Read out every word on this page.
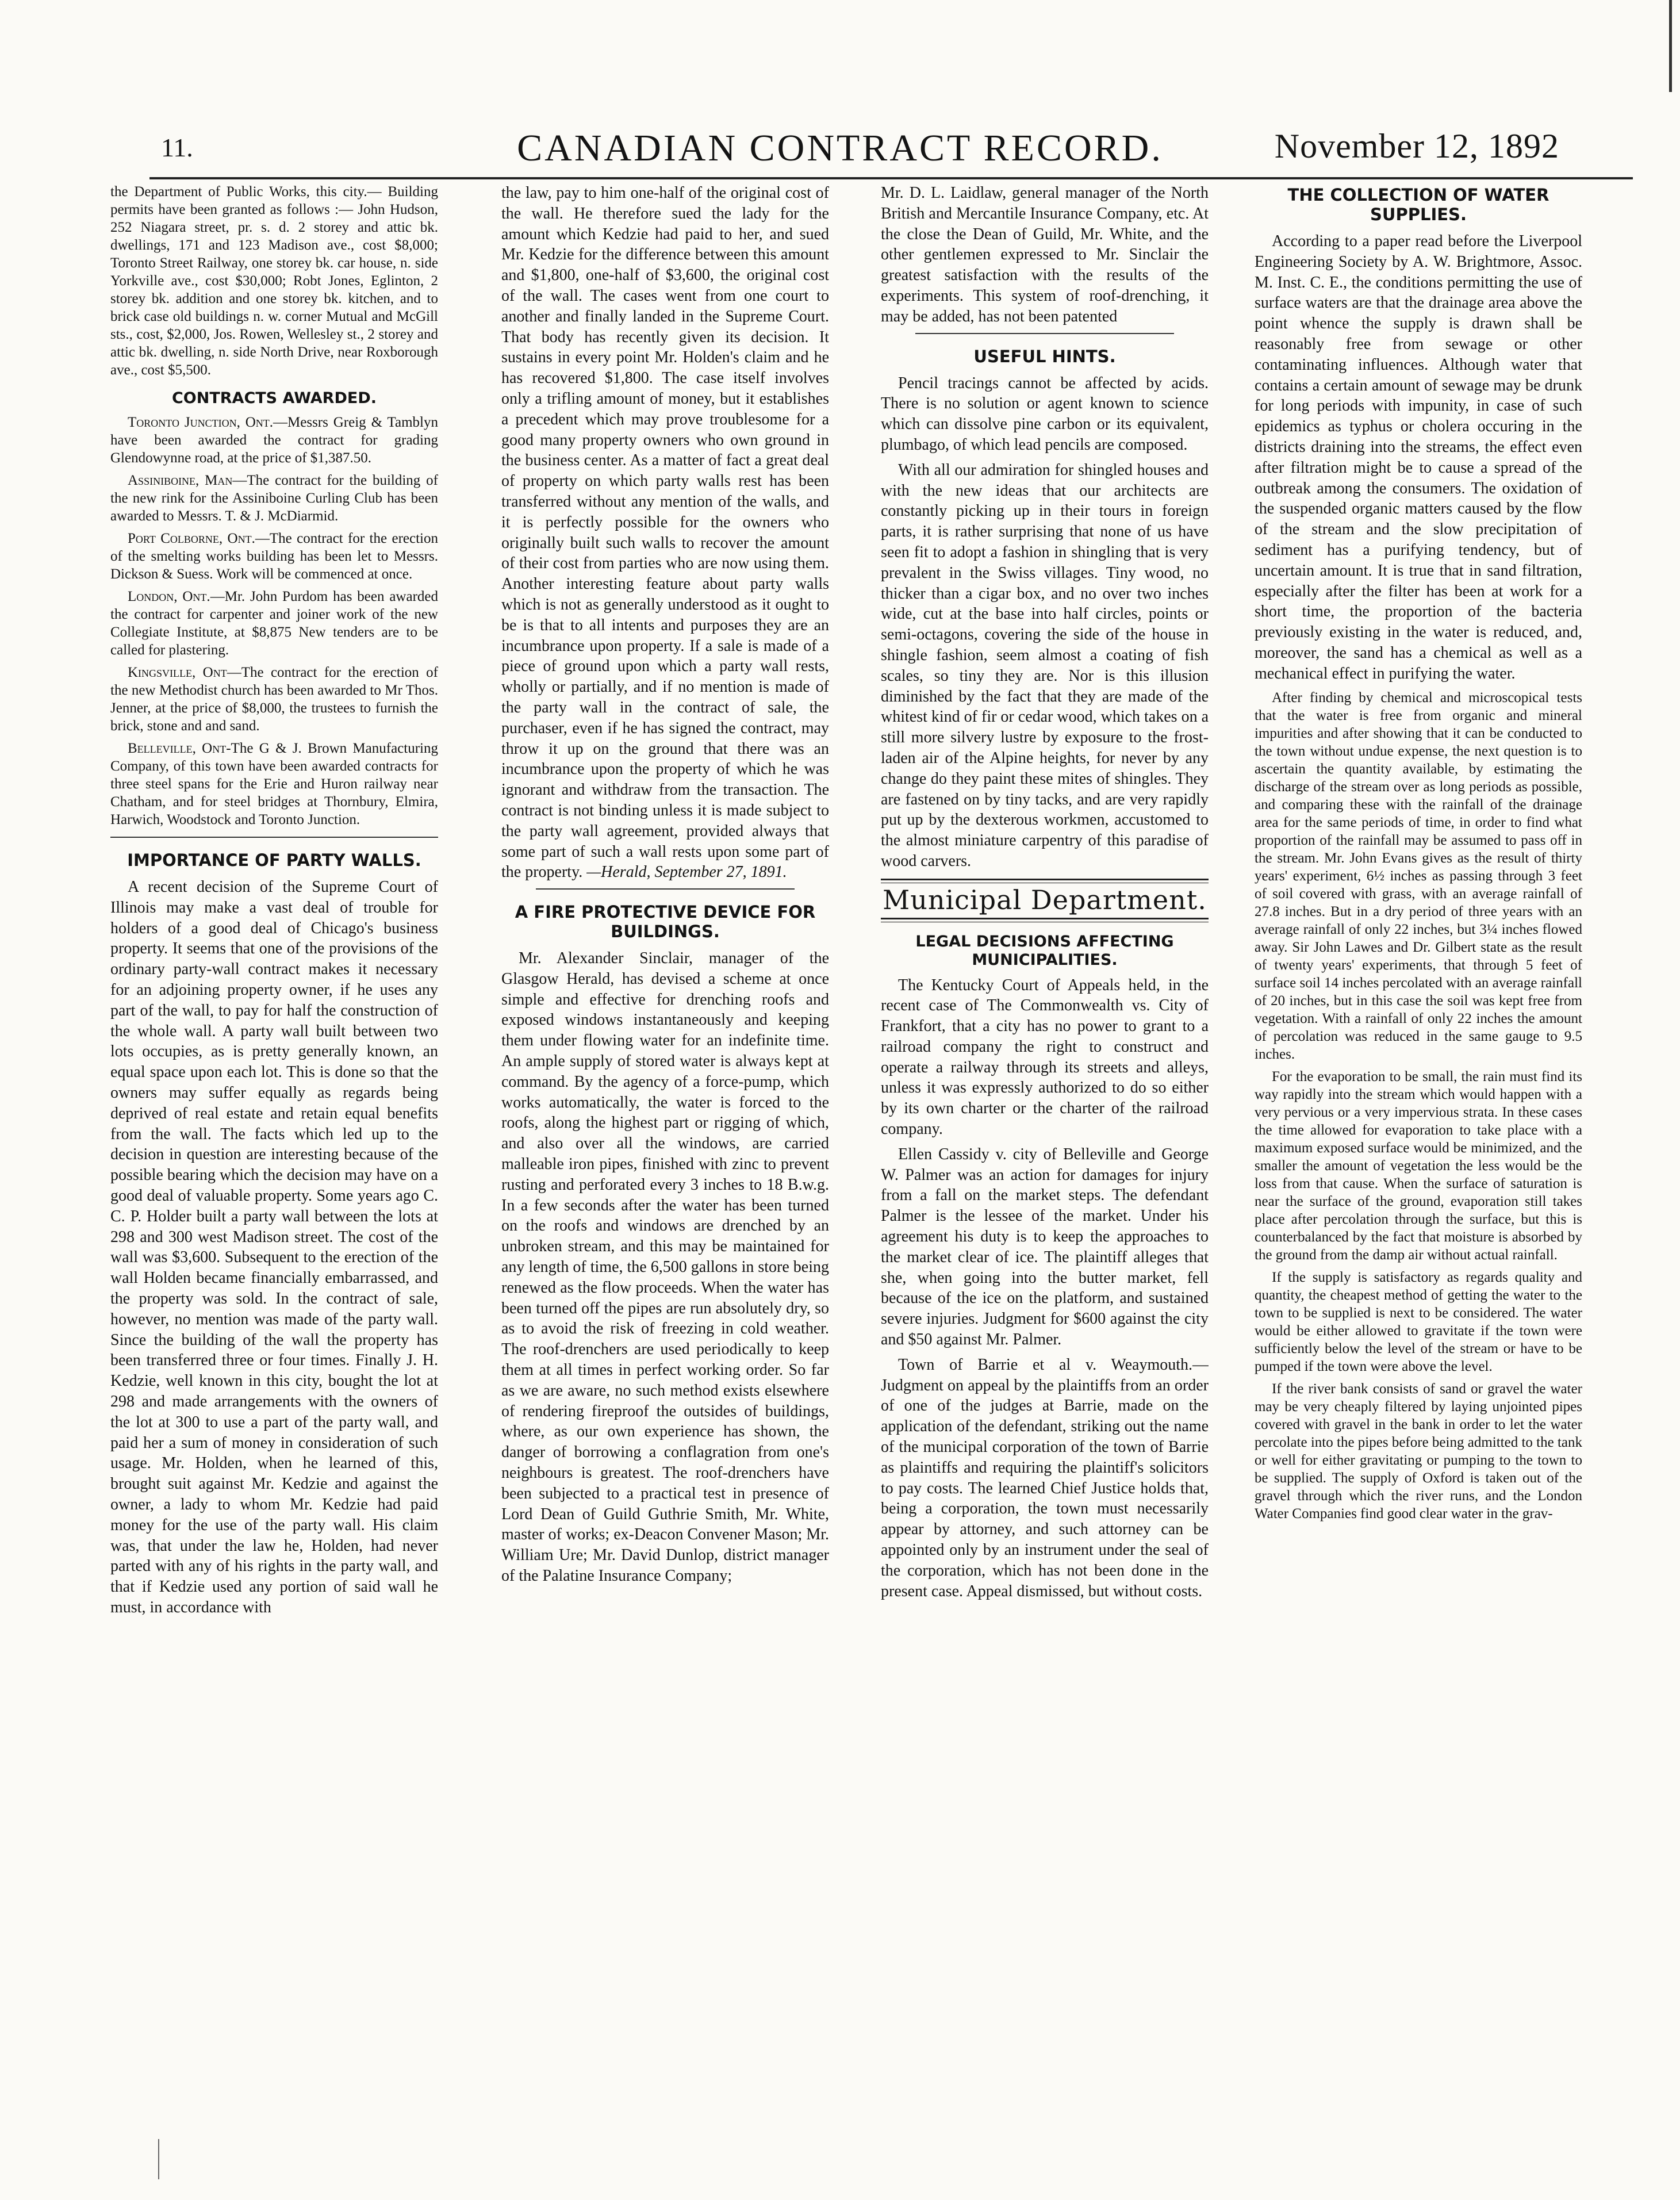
11.	CANADIAN CONTRACT RECORD.	November 12, 1892

the Department of Public Works, this city.— Building permits have been granted as follows :— John Hudson, 252 Niagara street, pr. s. d. 2 storey and attic bk. dwellings, 171 and 123 Madison ave., cost $8,000; Toronto Street Railway, one storey bk. car house, n. side Yorkville ave., cost $30,000; Robt Jones, Eglinton, 2 storey bk. addition and one storey bk. kitchen, and to brick case old buildings n. w. corner Mutual and McGill sts., cost, $2,000, Jos. Rowen, Wellesley st., 2 storey and attic bk. dwelling, n. side North Drive, near Roxborough ave., cost $5,500.

CONTRACTS AWARDED.

Toronto Junction, Ont.—Messrs Greig & Tamblyn have been awarded the contract for grading Glendowynne road, at the price of $1,387.50.

Assiniboine, Man—The contract for the building of the new rink for the Assiniboine Curling Club has been awarded to Messrs. T. & J. McDiarmid.

Port Colborne, Ont.—The contract for the erection of the smelting works building has been let to Messrs. Dickson & Suess. Work will be commenced at once.

London, Ont.—Mr. John Purdom has been awarded the contract for carpenter and joiner work of the new Collegiate Institute, at $8,875 New tenders are to be called for plastering.

Kingsville, Ont—The contract for the erection of the new Methodist church has been awarded to Mr Thos. Jenner, at the price of $8,000, the trustees to furnish the brick, stone and and sand.

Belleville, Ont-The G & J. Brown Manufacturing Company, of this town have been awarded contracts for three steel spans for the Erie and Huron railway near Chatham, and for steel bridges at Thornbury, Elmira, Harwich, Woodstock and Toronto Junction.

IMPORTANCE OF PARTY WALLS.

A recent decision of the Supreme Court of Illinois may make a vast deal of trouble for holders of a good deal of Chicago's business property. It seems that one of the provisions of the ordinary party-wall contract makes it necessary for an adjoining property owner, if he uses any part of the wall, to pay for half the construction of the whole wall. A party wall built between two lots occupies, as is pretty generally known, an equal space upon each lot. This is done so that the owners may suffer equally as regards being deprived of real estate and retain equal benefits from the wall. The facts which led up to the decision in question are interesting because of the possible bearing which the decision may have on a good deal of valuable property. Some years ago C. C. P. Holder built a party wall between the lots at 298 and 300 west Madison street. The cost of the wall was $3,600. Subsequent to the erection of the wall Holden became financially embarrassed, and the property was sold. In the contract of sale, however, no mention was made of the party wall. Since the building of the wall the property has been transferred three or four times. Finally J. H. Kedzie, well known in this city, bought the lot at 298 and made arrangements with the owners of the lot at 300 to use a part of the party wall, and paid her a sum of money in consideration of such usage. Mr. Holden, when he learned of this, brought suit against Mr. Kedzie and against the owner, a lady to whom Mr. Kedzie had paid money for the use of the party wall. His claim was, that under the law he, Holden, had never parted with any of his rights in the party wall, and that if Kedzie used any portion of said wall he must, in accordance with

the law, pay to him one-half of the original cost of the wall. He therefore sued the lady for the amount which Kedzie had paid to her, and sued Mr. Kedzie for the difference between this amount and $1,800, one-half of $3,600, the original cost of the wall. The cases went from one court to another and finally landed in the Supreme Court. That body has recently given its decision. It sustains in every point Mr. Holden's claim and he has recovered $1,800. The case itself involves only a trifling amount of money, but it establishes a precedent which may prove troublesome for a good many property owners who own ground in the business center. As a matter of fact a great deal of property on which party walls rest has been transferred without any mention of the walls, and it is perfectly possible for the owners who originally built such walls to recover the amount of their cost from parties who are now using them. Another interesting feature about party walls which is not as generally understood as it ought to be is that to all intents and purposes they are an incumbrance upon property. If a sale is made of a piece of ground upon which a party wall rests, wholly or partially, and if no mention is made of the party wall in the contract of sale, the purchaser, even if he has signed the contract, may throw it up on the ground that there was an incumbrance upon the property of which he was ignorant and withdraw from the transaction. The contract is not binding unless it is made subject to the party wall agreement, provided always that some part of such a wall rests upon some part of the property. —Herald, September 27, 1891.

A FIRE PROTECTIVE DEVICE FOR BUILDINGS.

Mr. Alexander Sinclair, manager of the Glasgow Herald, has devised a scheme at once simple and effective for drenching roofs and exposed windows instantaneously and keeping them under flowing water for an indefinite time. An ample supply of stored water is always kept at command. By the agency of a force-pump, which works automatically, the water is forced to the roofs, along the highest part or rigging of which, and also over all the windows, are carried malleable iron pipes, finished with zinc to prevent rusting and perforated every 3 inches to 18 B.w.g. In a few seconds after the water has been turned on the roofs and windows are drenched by an unbroken stream, and this may be maintained for any length of time, the 6,500 gallons in store being renewed as the flow proceeds. When the water has been turned off the pipes are run absolutely dry, so as to avoid the risk of freezing in cold weather. The roof-drenchers are used periodically to keep them at all times in perfect working order. So far as we are aware, no such method exists elsewhere of rendering fireproof the outsides of buildings, where, as our own experience has shown, the danger of borrowing a conflagration from one's neighbours is greatest. The roof-drenchers have been subjected to a practical test in presence of Lord Dean of Guild Guthrie Smith, Mr. White, master of works; ex-Deacon Convener Mason; Mr. William Ure; Mr. David Dunlop, district manager of the Palatine Insurance Company;

Mr. D. L. Laidlaw, general manager of the North British and Mercantile Insurance Company, etc. At the close the Dean of Guild, Mr. White, and the other gentlemen expressed to Mr. Sinclair the greatest satisfaction with the results of the experiments. This system of roof-drenching, it may be added, has not been patented

USEFUL HINTS.

Pencil tracings cannot be affected by acids. There is no solution or agent known to science which can dissolve pine carbon or its equivalent, plumbago, of which lead pencils are composed.

With all our admiration for shingled houses and with the new ideas that our architects are constantly picking up in their tours in foreign parts, it is rather surprising that none of us have seen fit to adopt a fashion in shingling that is very prevalent in the Swiss villages. Tiny wood, no thicker than a cigar box, and no over two inches wide, cut at the base into half circles, points or semi-octagons, covering the side of the house in shingle fashion, seem almost a coating of fish scales, so tiny they are. Nor is this illusion diminished by the fact that they are made of the whitest kind of fir or cedar wood, which takes on a still more silvery lustre by exposure to the frost-laden air of the Alpine heights, for never by any change do they paint these mites of shingles. They are fastened on by tiny tacks, and are very rapidly put up by the dexterous workmen, accustomed to the almost miniature carpentry of this paradise of wood carvers.

Municipal Department.
LEGAL DECISIONS AFFECTING MUNICIPALITIES.

The Kentucky Court of Appeals held, in the recent case of The Commonwealth vs. City of Frankfort, that a city has no power to grant to a railroad company the right to construct and operate a railway through its streets and alleys, unless it was expressly authorized to do so either by its own charter or the charter of the railroad company.

Ellen Cassidy v. city of Belleville and George W. Palmer was an action for damages for injury from a fall on the market steps. The defendant Palmer is the lessee of the market. Under his agreement his duty is to keep the approaches to the market clear of ice. The plaintiff alleges that she, when going into the butter market, fell because of the ice on the platform, and sustained severe injuries. Judgment for $600 against the city and $50 against Mr. Palmer.

Town of Barrie et al v. Weaymouth.— Judgment on appeal by the plaintiffs from an order of one of the judges at Barrie, made on the application of the defendant, striking out the name of the municipal corporation of the town of Barrie as plaintiffs and requiring the plaintiff's solicitors to pay costs. The learned Chief Justice holds that, being a corporation, the town must necessarily appear by attorney, and such attorney can be appointed only by an instrument under the seal of the corporation, which has not been done in the present case. Appeal dismissed, but without costs.

THE COLLECTION OF WATER SUPPLIES.

According to a paper read before the Liverpool Engineering Society by A. W. Brightmore, Assoc. M. Inst. C. E., the conditions permitting the use of surface waters are that the drainage area above the point whence the supply is drawn shall be reasonably free from sewage or other contaminating influences. Although water that contains a certain amount of sewage may be drunk for long periods with impunity, in case of such epidemics as typhus or cholera occuring in the districts draining into the streams, the effect even after filtration might be to cause a spread of the outbreak among the consumers. The oxidation of the suspended organic matters caused by the flow of the stream and the slow precipitation of sediment has a purifying tendency, but of uncertain amount. It is true that in sand filtration, especially after the filter has been at work for a short time, the proportion of the bacteria previously existing in the water is reduced, and, moreover, the sand has a chemical as well as a mechanical effect in purifying the water.

After finding by chemical and microscopical tests that the water is free from organic and mineral impurities and after showing that it can be conducted to the town without undue expense, the next question is to ascertain the quantity available, by estimating the discharge of the stream over as long periods as possible, and comparing these with the rainfall of the drainage area for the same periods of time, in order to find what proportion of the rainfall may be assumed to pass off in the stream. Mr. John Evans gives as the result of thirty years' experiment, 6½ inches as passing through 3 feet of soil covered with grass, with an average rainfall of 27.8 inches. But in a dry period of three years with an average rainfall of only 22 inches, but 3¼ inches flowed away. Sir John Lawes and Dr. Gilbert state as the result of twenty years' experiments, that through 5 feet of surface soil 14 inches percolated with an average rainfall of 20 inches, but in this case the soil was kept free from vegetation. With a rainfall of only 22 inches the amount of percolation was reduced in the same gauge to 9.5 inches.

For the evaporation to be small, the rain must find its way rapidly into the stream which would happen with a very pervious or a very impervious strata. In these cases the time allowed for evaporation to take place with a maximum exposed surface would be minimized, and the smaller the amount of vegetation the less would be the loss from that cause. When the surface of saturation is near the surface of the ground, evaporation still takes place after percolation through the surface, but this is counterbalanced by the fact that moisture is absorbed by the ground from the damp air without actual rainfall.

If the supply is satisfactory as regards quality and quantity, the cheapest method of getting the water to the town to be supplied is next to be considered. The water would be either allowed to gravitate if the town were sufficiently below the level of the stream or have to be pumped if the town were above the level.

If the river bank consists of sand or gravel the water may be very cheaply filtered by laying unjointed pipes covered with gravel in the bank in order to let the water percolate into the pipes before being admitted to the tank or well for either gravitating or pumping to the town to be supplied. The supply of Oxford is taken out of the gravel through which the river runs, and the London Water Companies find good clear water in the grav-
